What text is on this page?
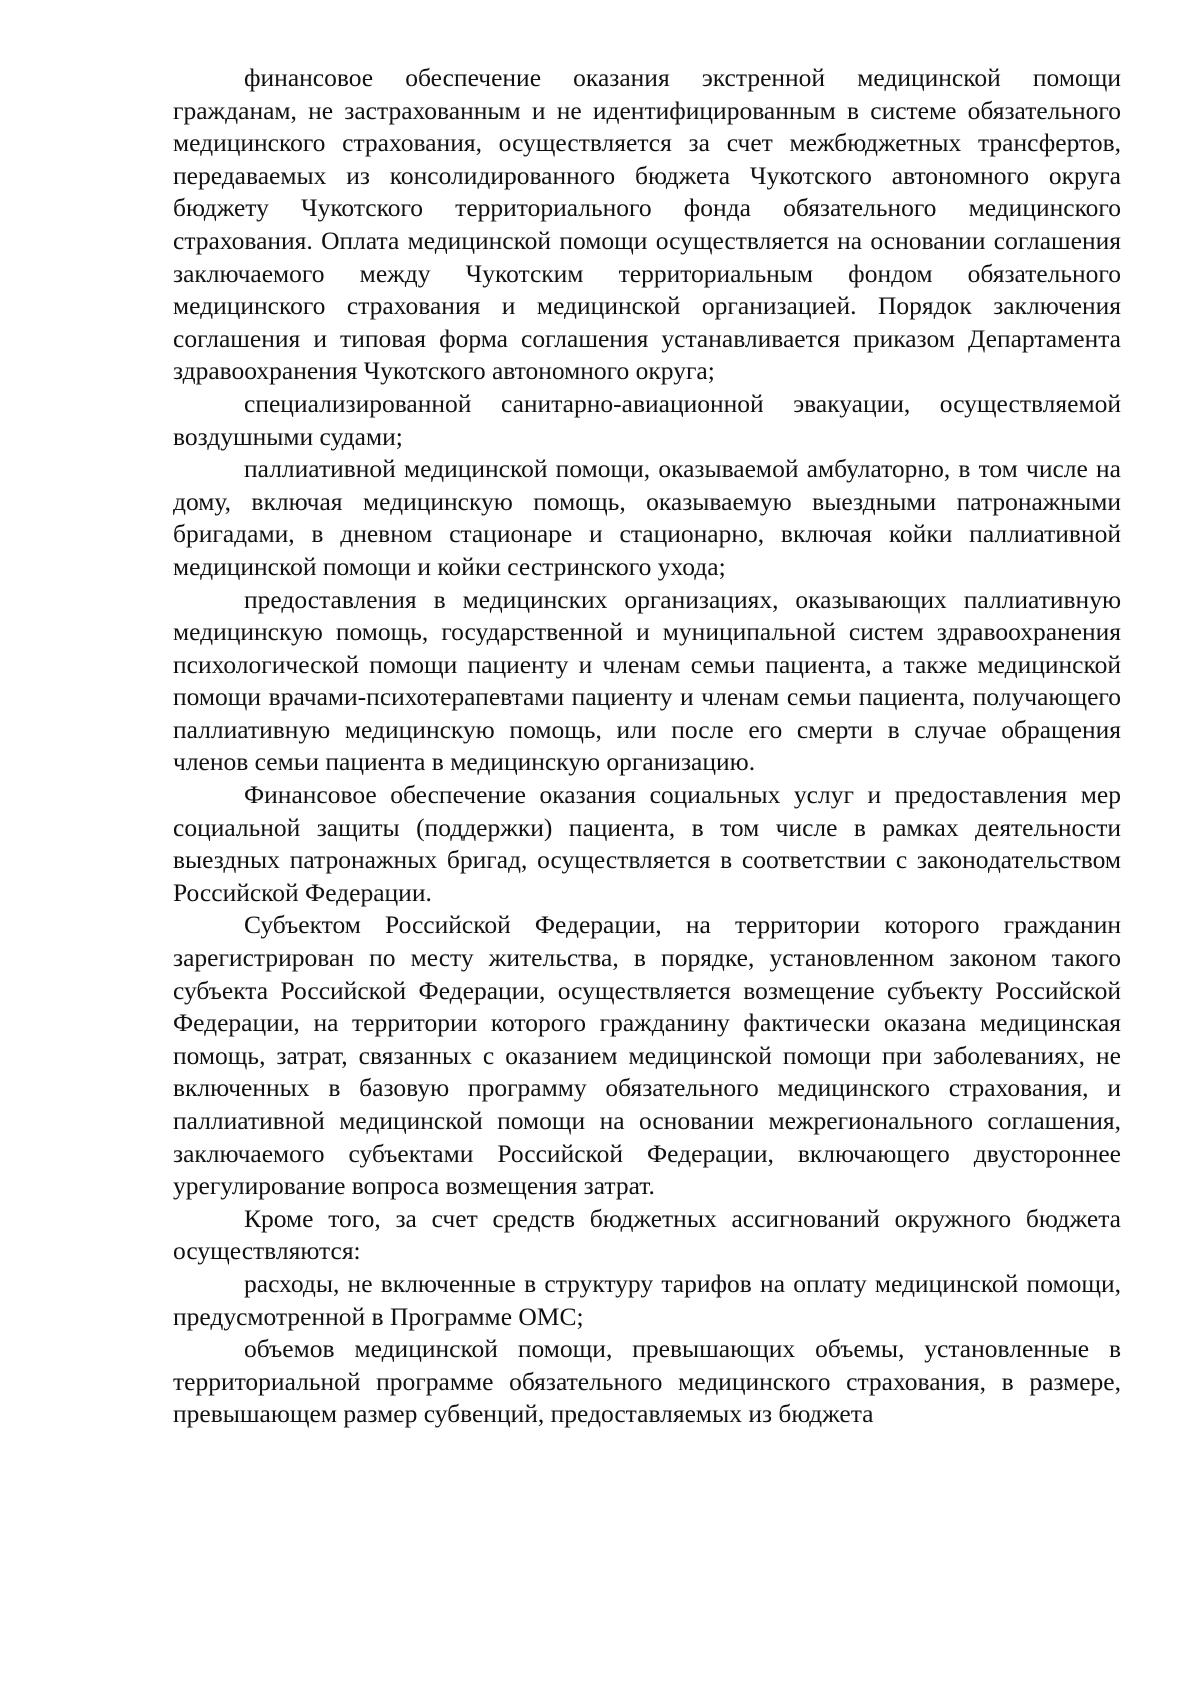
финансовое обеспечение оказания экстренной медицинской помощи гражданам, не застрахованным и не идентифицированным в системе обязательного медицинского страхования, осуществляется за счет межбюджетных трансфертов, передаваемых из консолидированного бюджета Чукотского автономного округа бюджету Чукотского территориального фонда обязательного медицинского страхования. Оплата медицинской помощи осуществляется на основании соглашения заключаемого между Чукотским территориальным фондом обязательного медицинского страхования и медицинской организацией. Порядок заключения соглашения и типовая форма соглашения устанавливается приказом Департамента здравоохранения Чукотского автономного округа;

специализированной санитарно-авиационной эвакуации, осуществляемой воздушными судами;

паллиативной медицинской помощи, оказываемой амбулаторно, в том числе на дому, включая медицинскую помощь, оказываемую выездными патронажными бригадами, в дневном стационаре и стационарно, включая койки паллиативной медицинской помощи и койки сестринского ухода;

предоставления в медицинских организациях, оказывающих паллиативную медицинскую помощь, государственной и муниципальной систем здравоохранения психологической помощи пациенту и членам семьи пациента, а также медицинской помощи врачами-психотерапевтами пациенту и членам семьи пациента, получающего паллиативную медицинскую помощь, или после его смерти в случае обращения членов семьи пациента в медицинскую организацию.

Финансовое обеспечение оказания социальных услуг и предоставления мер социальной защиты (поддержки) пациента, в том числе в рамках деятельности выездных патронажных бригад, осуществляется в соответствии с законодательством Российской Федерации.

Субъектом Российской Федерации, на территории которого гражданин зарегистрирован по месту жительства, в порядке, установленном законом такого субъекта Российской Федерации, осуществляется возмещение субъекту Российской Федерации, на территории которого гражданину фактически оказана медицинская помощь, затрат, связанных с оказанием медицинской помощи при заболеваниях, не включенных в базовую программу обязательного медицинского страхования, и паллиативной медицинской помощи на основании межрегионального соглашения, заключаемого субъектами Российской Федерации, включающего двустороннее урегулирование вопроса возмещения затрат.

Кроме того, за счет средств бюджетных ассигнований окружного бюджета осуществляются:

расходы, не включенные в структуру тарифов на оплату медицинской помощи, предусмотренной в Программе ОМС;

объемов медицинской помощи, превышающих объемы, установленные в территориальной программе обязательного медицинского страхования, в размере, превышающем размер субвенций, предоставляемых из бюджета
